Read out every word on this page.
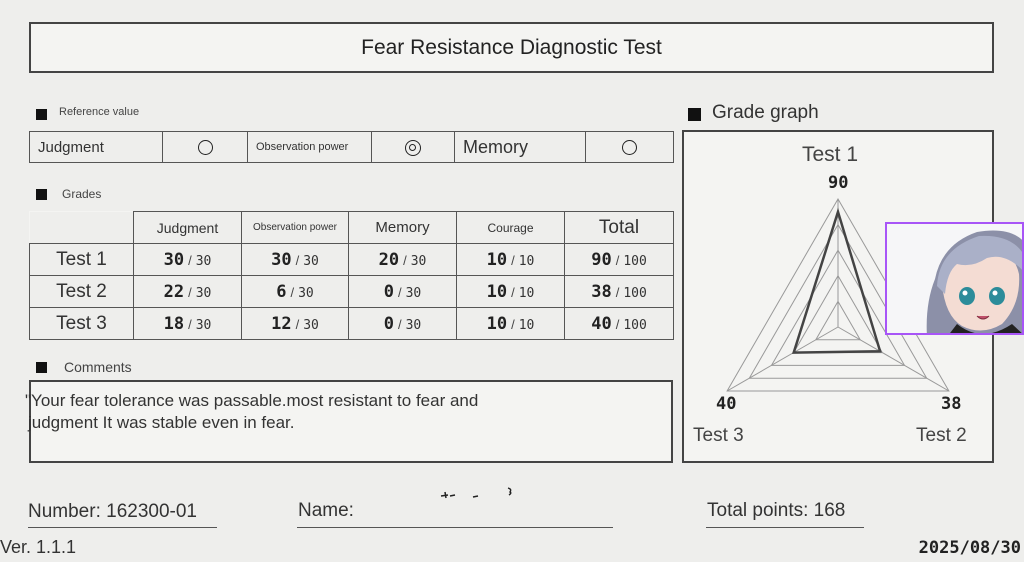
Fear Resistance Diagnostic Test
Reference value
Judgment		Observation power		Memory	
Grades
	Judgment	Observation power	Memory	Courage	Total
Test 1	30 / 30	30 / 30	20 / 30	10 / 10	90 / 100
Test 2	22 / 30	6 / 30	0 / 30	10 / 10	38 / 100
Test 3	18 / 30	12 / 30	0 / 30	10 / 10	40 / 100
Comments
"Your fear tolerance was passable.most resistant to fear and
judgment It was stable even in fear.
Grade graph
Test 1
90
40	38
Test 3	Test 2
Number: 162300-01	Name:	Total points: 168
Ver. 1.1.1	2025/08/30
